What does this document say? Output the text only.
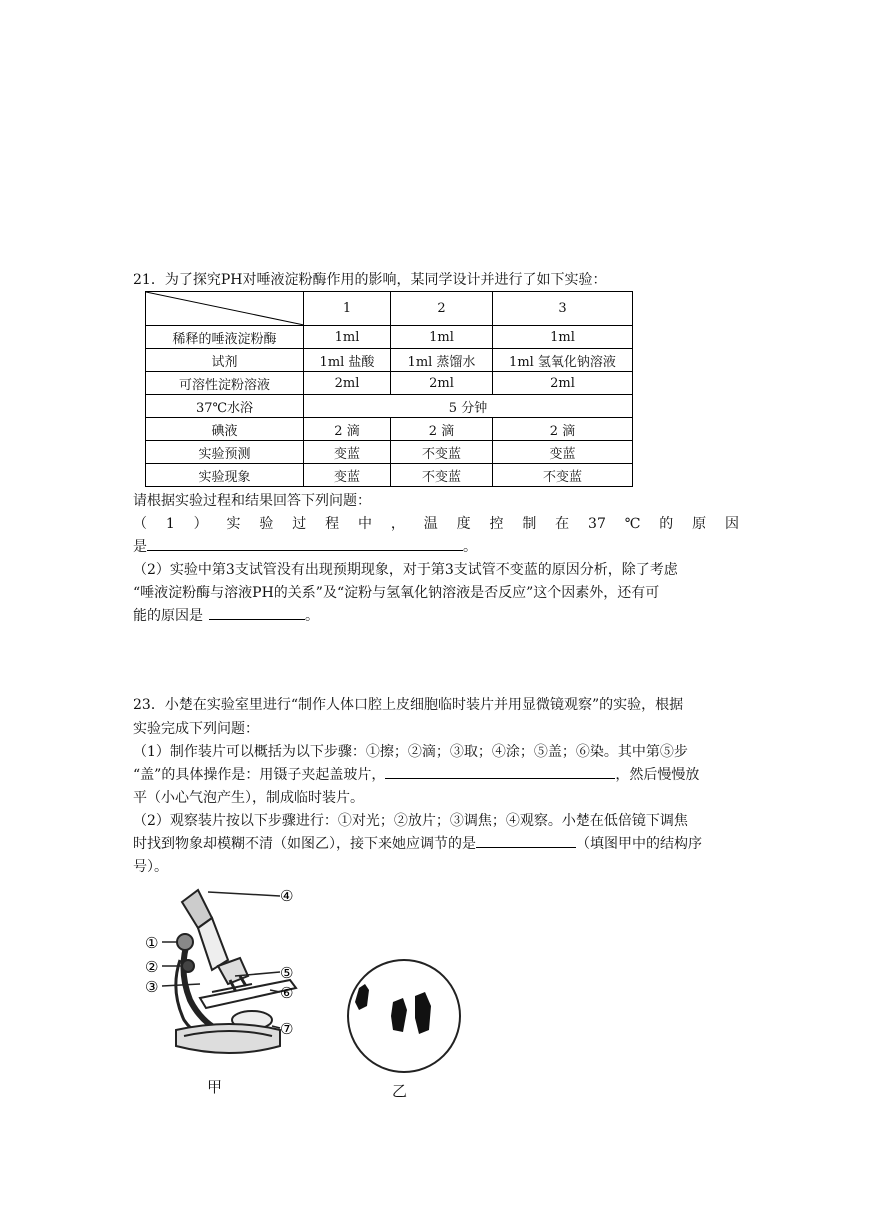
21．为了探究PH对唾液淀粉酶作用的影响，某同学设计并进行了如下实验：
	1	2	3
稀释的唾液淀粉酶	1ml	1ml	1ml
试剂	1ml 盐酸	1ml 蒸馏水	1ml 氢氧化钠溶液
可溶性淀粉溶液	2ml	2ml	2ml
37℃水浴	5 分钟		
碘液	2 滴	2 滴	2 滴
实验预测	变蓝	不变蓝	变蓝
实验现象	变蓝	不变蓝	不变蓝
请根据实验过程和结果回答下列问题：
（1）实验过程中，温度控制在37℃的原因
是	。
（2）实验中第3支试管没有出现预期现象，对于第3支试管不变蓝的原因分析，除了考虑
“唾液淀粉酶与溶液PH的关系”及“淀粉与氢氧化钠溶液是否反应”这个因素外，还有可
能的原因是	。
23．小楚在实验室里进行“制作人体口腔上皮细胞临时装片并用显微镜观察”的实验，根据
实验完成下列问题：
（1）制作装片可以概括为以下步骤：①擦；②滴；③取；④涂；⑤盖；⑥染。其中第⑤步
“盖”的具体操作是：用镊子夹起盖玻片，	，然后慢慢放
平（小心气泡产生），制成临时装片。
（2）观察装片按以下步骤进行：①对光；②放片；③调焦；④观察。小楚在低倍镜下调焦
时找到物象却模糊不清（如图乙），接下来她应调节的是	（填图甲中的结构序
号）。
④
①
②
③
⑤
⑥
⑦
甲	乙
